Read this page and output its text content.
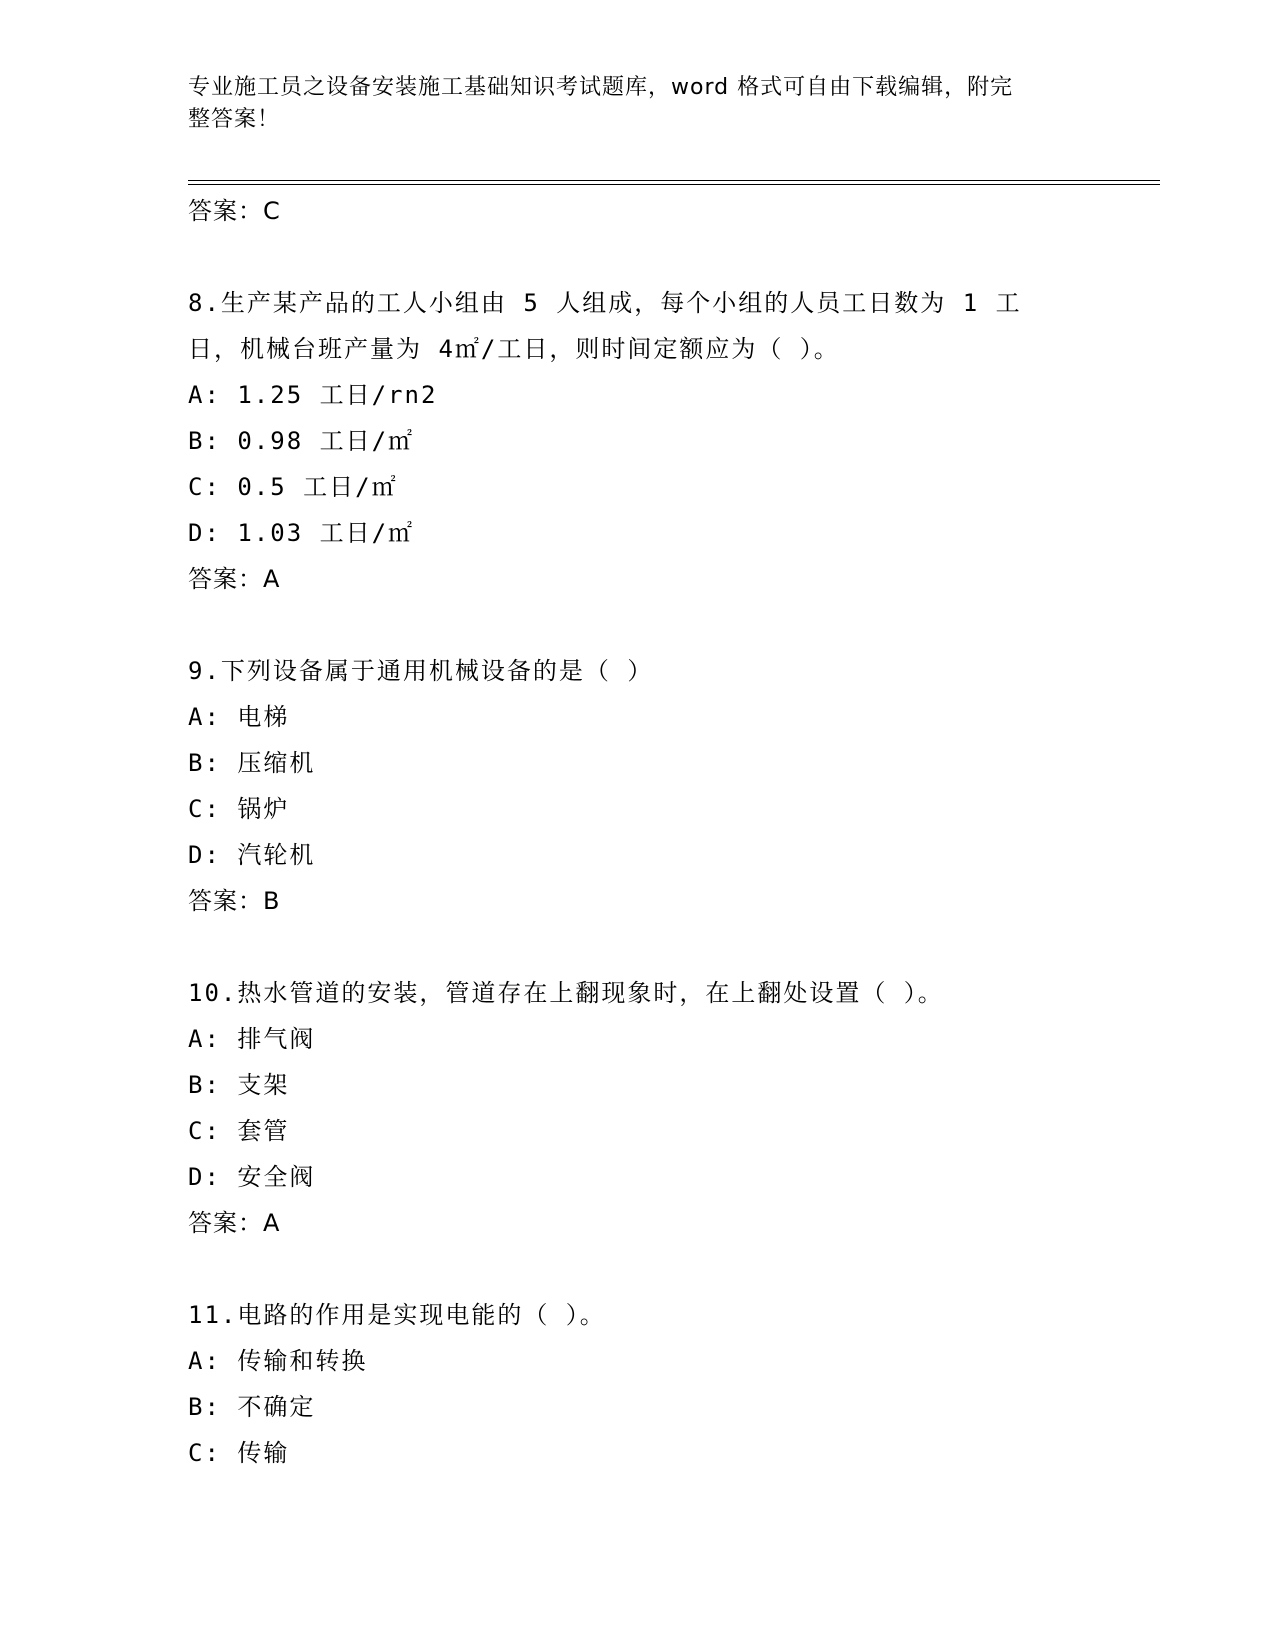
专业施工员之设备安装施工基础知识考试题库，word 格式可自由下载编辑，附完
整答案！
答案：C
8.生产某产品的工人小组由 5 人组成，每个小组的人员工日数为 1 工
日，机械台班产量为 4㎡/工日，则时间定额应为（ ）。
A: 1.25 工日/rn2
B: 0.98 工日/㎡
C: 0.5 工日/㎡
D: 1.03 工日/㎡
答案：A
9.下列设备属于通用机械设备的是（ ）
A: 电梯
B: 压缩机
C: 锅炉
D: 汽轮机
答案：B
10.热水管道的安装，管道存在上翻现象时，在上翻处设置（ ）。
A: 排气阀
B: 支架
C: 套管
D: 安全阀
答案：A
11.电路的作用是实现电能的（ ）。
A: 传输和转换
B: 不确定
C: 传输
